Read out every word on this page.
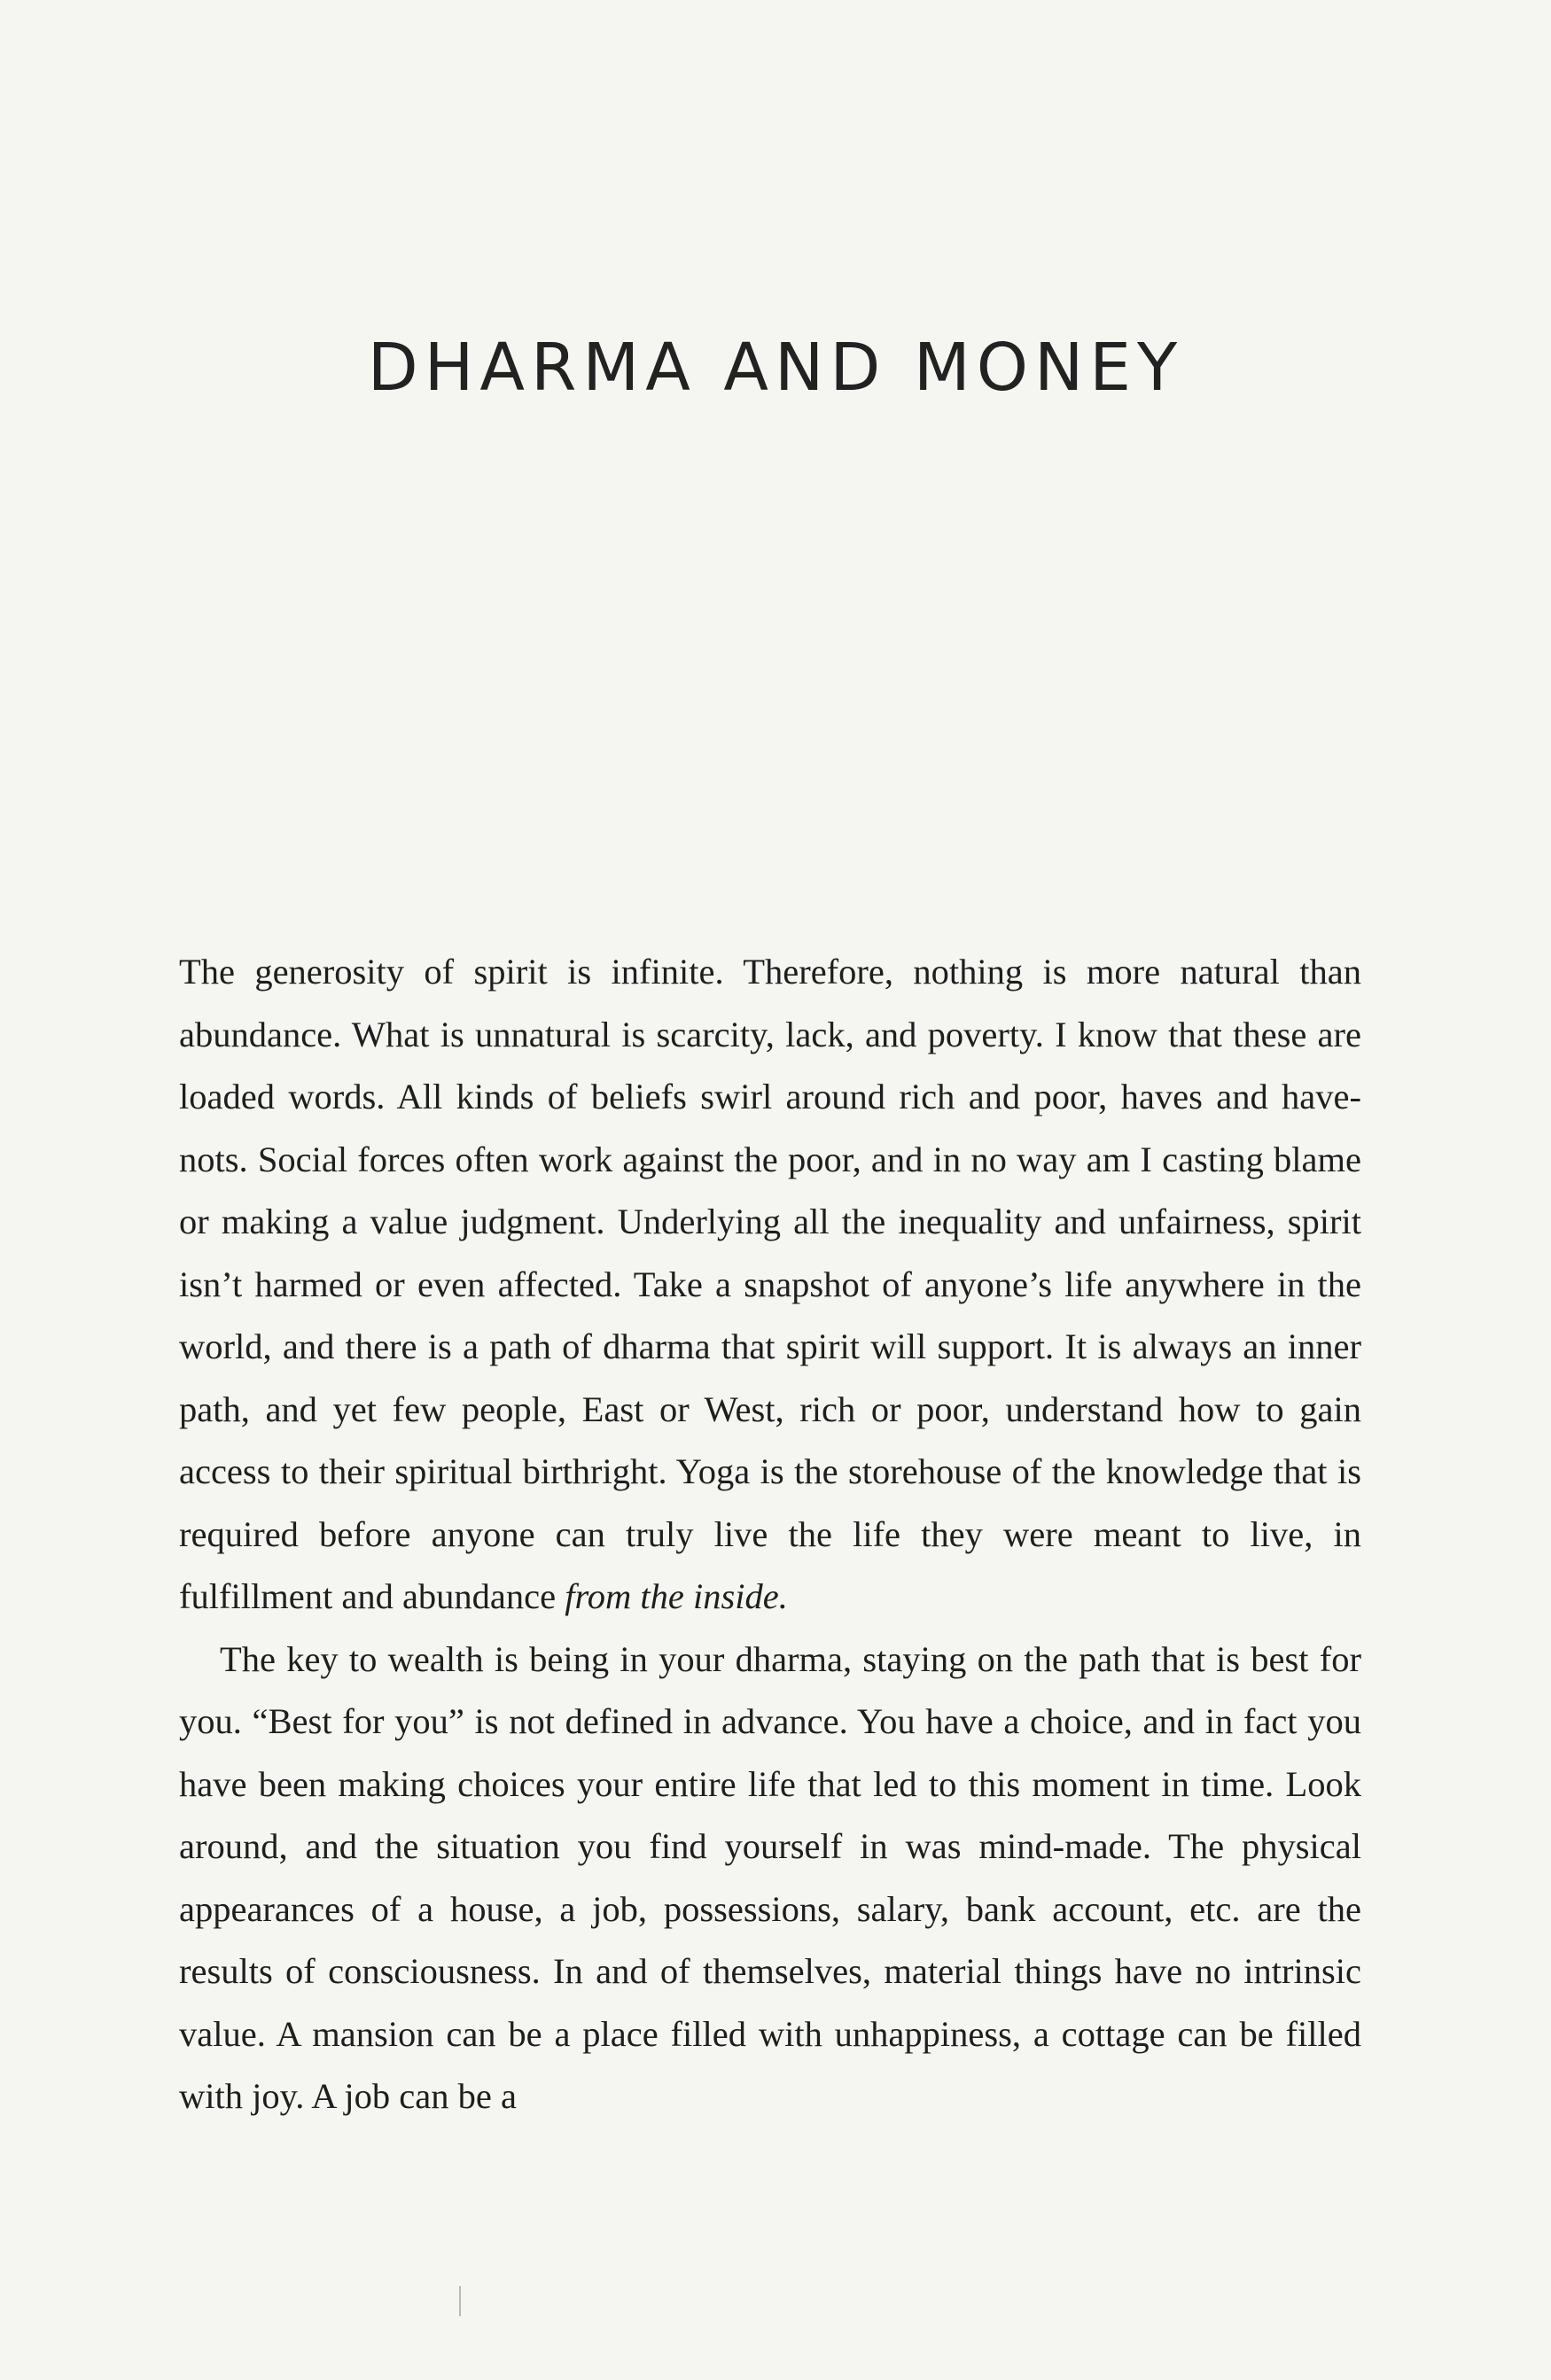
DHARMA AND MONEY

The generosity of spirit is infinite. Therefore, nothing is more natural than abundance. What is unnatural is scarcity, lack, and poverty. I know that these are loaded words. All kinds of beliefs swirl around rich and poor, haves and have-nots. Social forces often work against the poor, and in no way am I casting blame or making a value judgment. Underlying all the inequality and unfairness, spirit isn’t harmed or even affected. Take a snapshot of anyone’s life anywhere in the world, and there is a path of dharma that spirit will support. It is always an inner path, and yet few people, East or West, rich or poor, understand how to gain access to their spiritual birthright. Yoga is the storehouse of the knowledge that is required before anyone can truly live the life they were meant to live, in fulfillment and abundance from the inside.

The key to wealth is being in your dharma, staying on the path that is best for you. “Best for you” is not defined in advance. You have a choice, and in fact you have been making choices your entire life that led to this moment in time. Look around, and the situation you find yourself in was mind-made. The physical appearances of a house, a job, possessions, salary, bank account, etc. are the results of consciousness. In and of themselves, material things have no intrinsic value. A mansion can be a place filled with unhappiness, a cottage can be filled with joy. A job can be a
